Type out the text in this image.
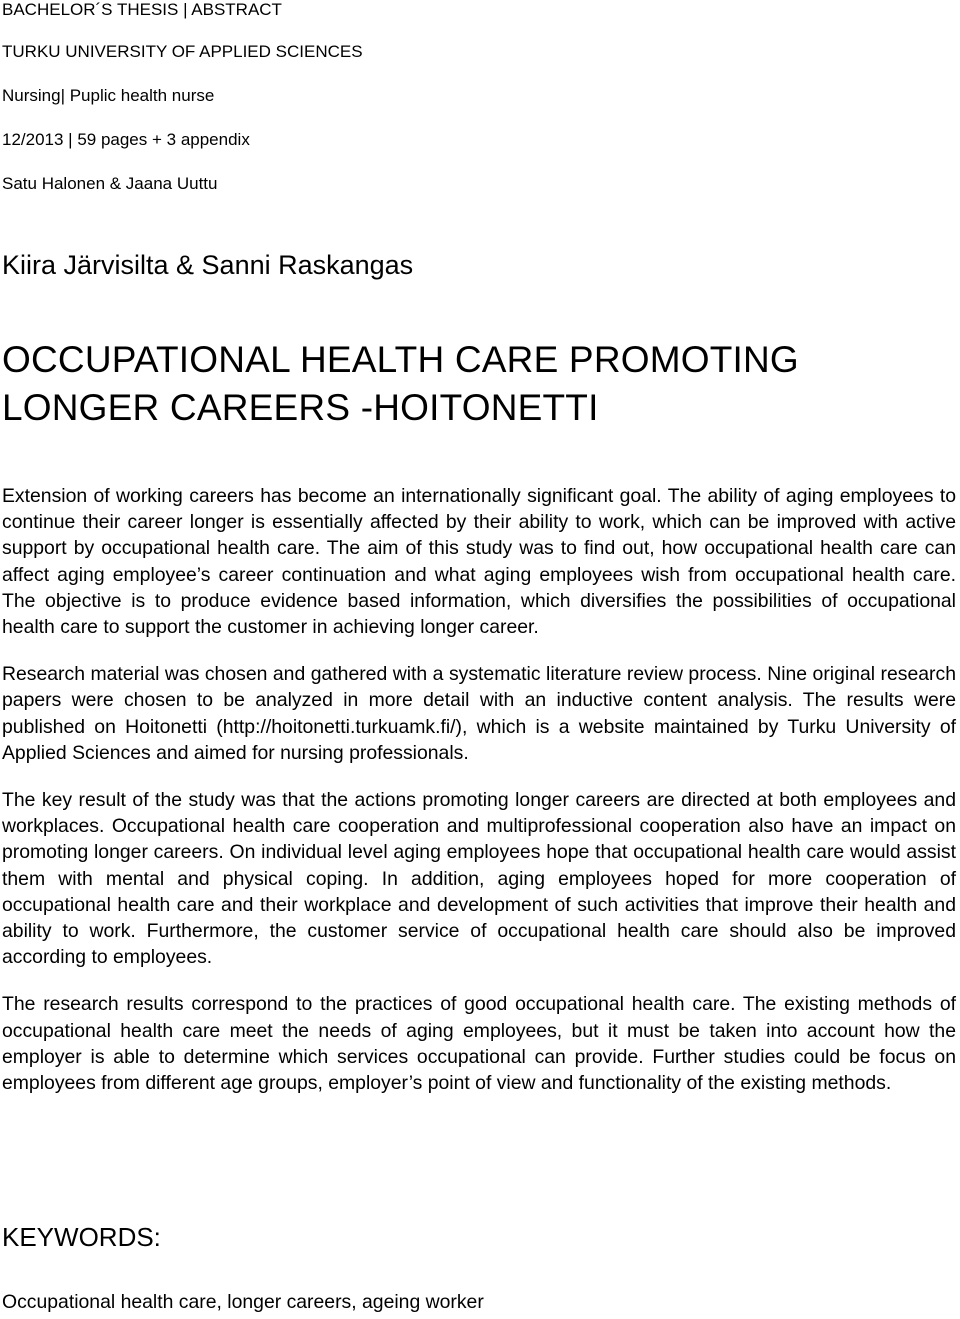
BACHELOR´S THESIS | ABSTRACT
TURKU UNIVERSITY OF APPLIED SCIENCES
Nursing| Puplic health nurse
12/2013 | 59 pages + 3 appendix
Satu Halonen & Jaana Uuttu
Kiira Järvisilta & Sanni Raskangas
OCCUPATIONAL HEALTH CARE PROMOTING
LONGER CAREERS -HOITONETTI

Extension of working careers has become an internationally significant goal. The ability of aging employees to continue their career longer is essentially affected by their ability to work, which can be improved with active support by occupational health care. The aim of this study was to find out, how occupational health care can affect aging employee’s career continuation and what aging employees wish from occupational health care. The objective is to produce evidence based information, which diversifies the possibilities of occupational health care to support the customer in achieving longer career.

Research material was chosen and gathered with a systematic literature review process. Nine original research papers were chosen to be analyzed in more detail with an inductive content analysis. The results were published on Hoitonetti (http://hoitonetti.turkuamk.fi/), which is a website maintained by Turku University of Applied Sciences and aimed for nursing professionals.

The key result of the study was that the actions promoting longer careers are directed at both employees and workplaces. Occupational health care cooperation and multiprofessional cooperation also have an impact on promoting longer careers. On individual level aging employees hope that occupational health care would assist them with mental and physical coping. In addition, aging employees hoped for more cooperation of occupational health care and their workplace and development of such activities that improve their health and ability to work. Furthermore, the customer service of occupational health care should also be improved according to employees.

The research results correspond to the practices of good occupational health care. The existing methods of occupational health care meet the needs of aging employees, but it must be taken into account how the employer is able to determine which services occupational can provide. Further studies could be focus on employees from different age groups, employer’s point of view and functionality of the existing methods.

KEYWORDS:
Occupational health care, longer careers, ageing worker
